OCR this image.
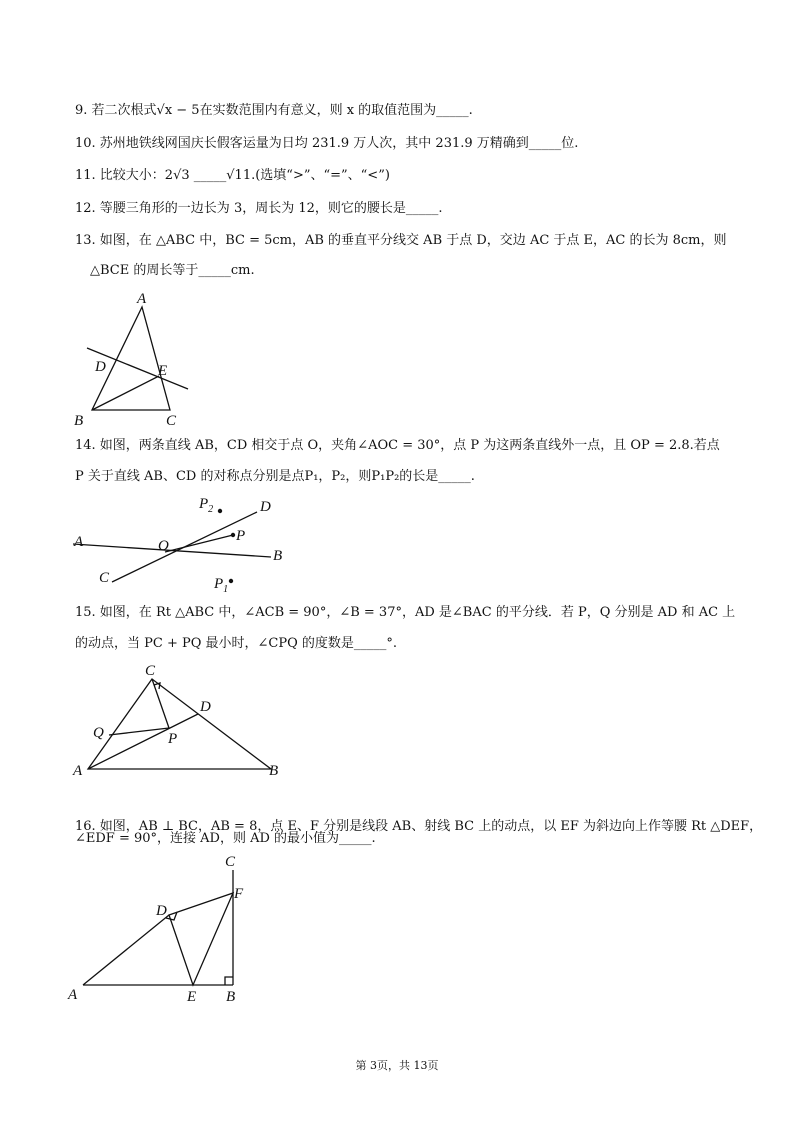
9. 若二次根式√x − 5在实数范围内有意义，则 x 的取值范围为_____.
10. 苏州地铁线网国庆长假客运量为日均 231.9 万人次，其中 231.9 万精确到_____位.
11. 比较大小：2√3 _____√11.(选填“>”、“=”、“<”)
12. 等腰三角形的一边长为 3，周长为 12，则它的腰长是_____.
13. 如图，在 △ABC 中，BC = 5cm，AB 的垂直平分线交 AB 于点 D，交边 AC 于点 E，AC 的长为 8cm，则
△BCE 的周长等于_____cm.
A
D	E
B	C
14. 如图，两条直线 AB，CD 相交于点 O，夹角∠AOC = 30°，点 P 为这两条直线外一点，且 OP = 2.8.若点
P 关于直线 AB、CD 的对称点分别是点P₁，P₂，则P₁P₂的长是_____.
$P_2$	D
P
A	O
B
C	$P_1$
15. 如图，在 Rt △ABC 中，∠ACB = 90°，∠B = 37°，AD 是∠BAC 的平分线．若 P，Q 分别是 AD 和 AC 上
的动点，当 PC + PQ 最小时，∠CPQ 的度数是_____°.
C
D
Q	P
A	B
16. 如图，AB ⊥ BC，AB = 8，点 E、F 分别是线段 AB、射线 BC 上的动点，以 EF 为斜边向上作等腰 Rt △DEF，
∠EDF = 90°，连接 AD，则 AD 的最小值为_____.
C
F
D
A	E B
第 3页，共 13页
